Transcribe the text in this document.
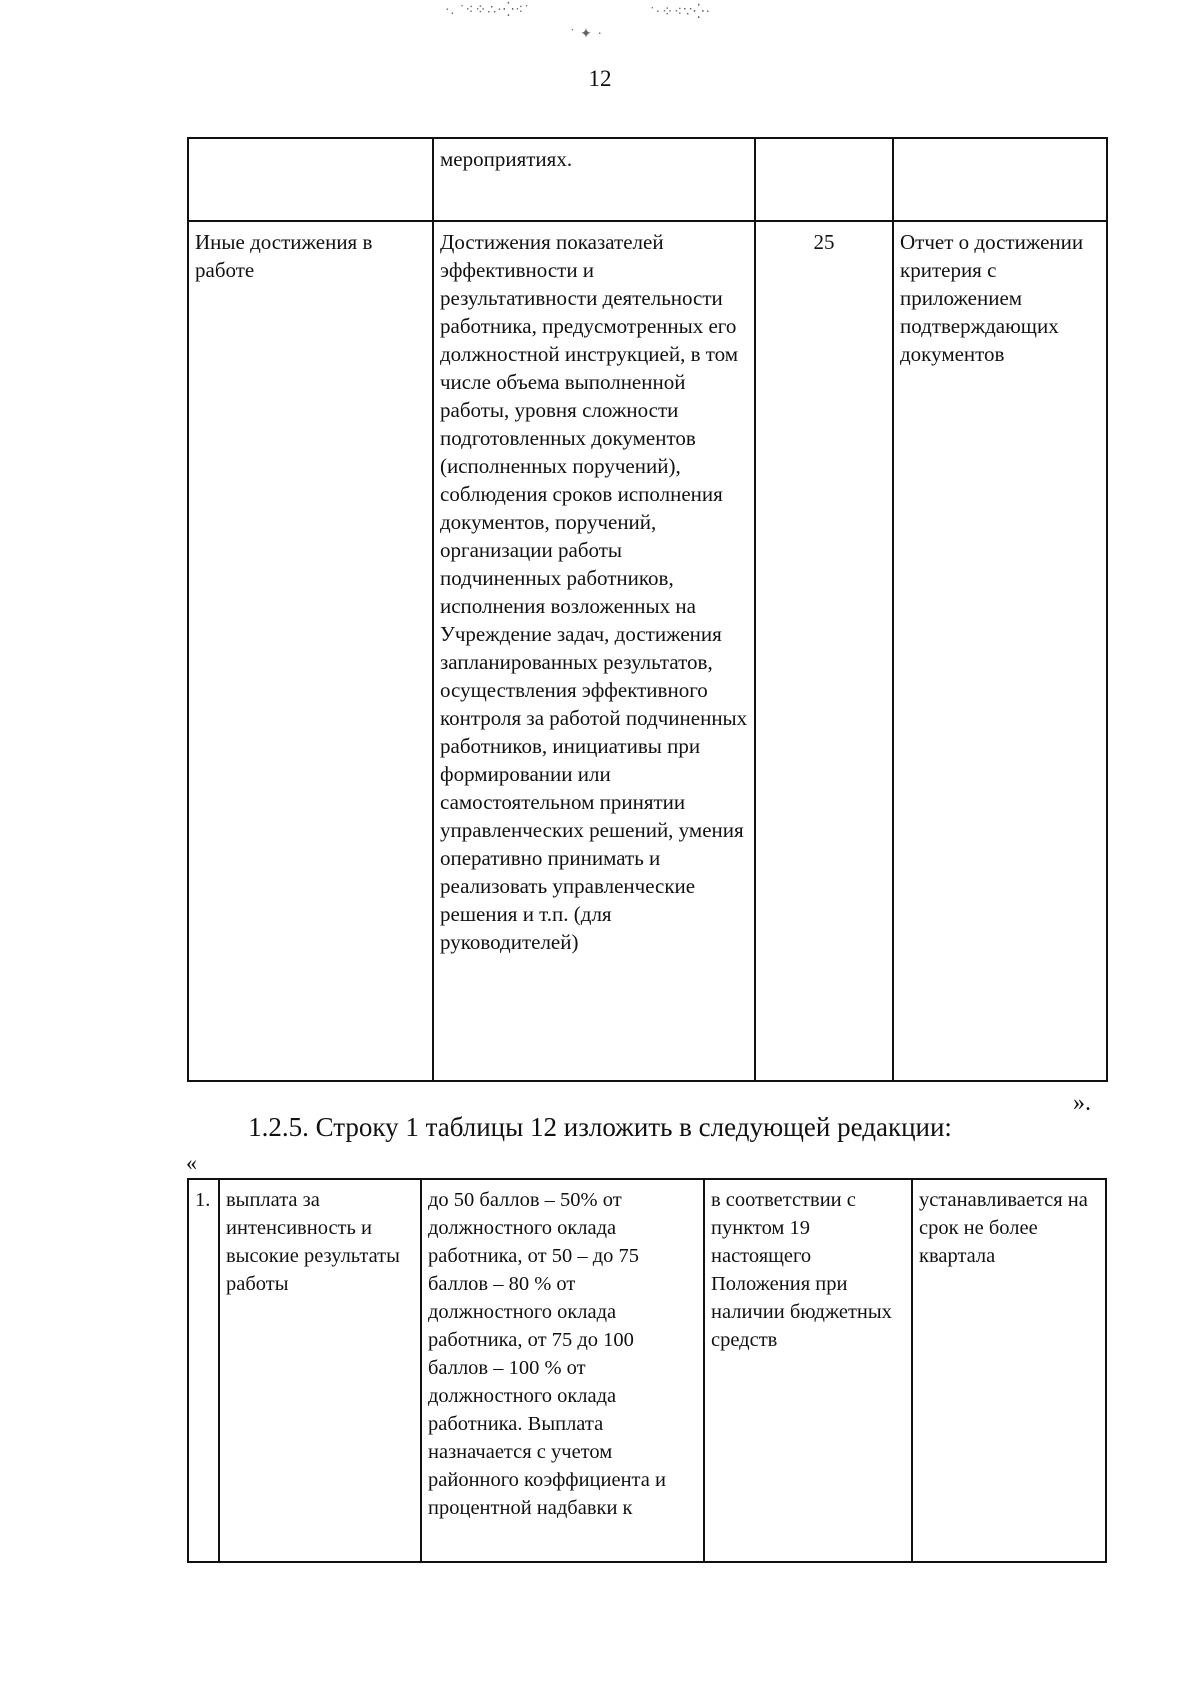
·. ˙⁖⁘∴·⁛⁖˙	˙·⁘⁖∵⁛·
˙ ✦ ·
12
	мероприятиях.		
Иные достижения в работе	Достижения показателей эффективности и результативности деятельности работника, предусмотренных его должностной инструкцией, в том числе объема выполненной работы, уровня сложности подготовленных документов (исполненных поручений), соблюдения сроков исполнения документов, поручений, организации работы подчиненных работников, исполнения возложенных на Учреждение задач, достижения запланированных результатов, осуществления эффективного контроля за работой подчиненных работников, инициативы при формировании или самостоятельном принятии управленческих решений, умения оперативно принимать и реализовать управленческие решения и т.п. (для руководителей)	25	Отчет о достижении критерия с приложением подтверждающих документов
».
1.2.5. Строку 1 таблицы 12 изложить в следующей редакции:
«
1.	выплата за интенсивность и высокие результаты работы	до 50 баллов – 50% от должностного оклада работника, от 50 – до 75 баллов – 80 % от должностного оклада работника, от 75 до 100 баллов – 100 % от должностного оклада работника. Выплата назначается с учетом районного коэффициента и процентной надбавки к	в соответствии с пунктом 19 настоящего Положения при наличии бюджетных средств	устанавливается на срок не более квартала
